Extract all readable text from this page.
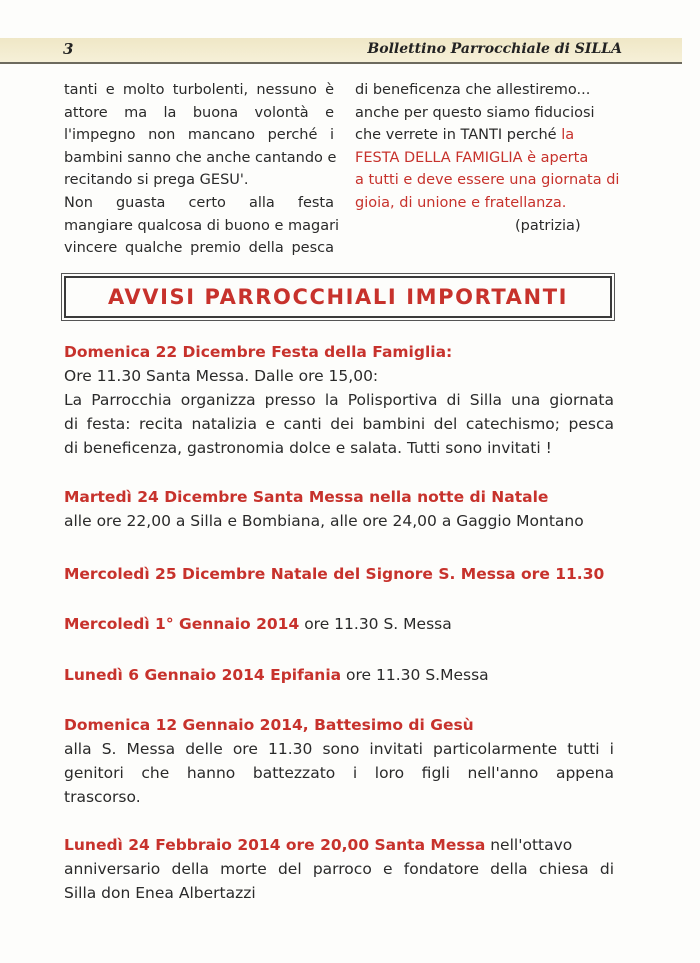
3	Bollettino Parrocchiale di SILLA
tanti e molto turbolenti, nessuno è
attore ma la buona volontà e
l'impegno non mancano perché i
bambini sanno che anche cantando e
recitando si prega GESU'.
Non guasta certo alla festa
mangiare qualcosa di buono e magari
vincere qualche premio della pesca
di beneficenza che allestiremo...
anche per questo siamo fiduciosi
che verrete in TANTI perché la
FESTA DELLA FAMIGLIA è aperta
a tutti e deve essere una giornata di
gioia, di unione e fratellanza.
(patrizia)
AVVISI PARROCCHIALI IMPORTANTI
Domenica 22 Dicembre Festa della Famiglia:
Ore 11.30 Santa Messa. Dalle ore 15,00:
La Parrocchia organizza presso la Polisportiva di Silla una giornata
di festa: recita natalizia e canti dei bambini del catechismo; pesca
di beneficenza, gastronomia dolce e salata. Tutti sono invitati !
Martedì 24 Dicembre Santa Messa nella notte di Natale
alle ore 22,00 a Silla e Bombiana, alle ore 24,00 a Gaggio Montano
Mercoledì 25 Dicembre Natale del Signore S. Messa ore 11.30
Mercoledì 1° Gennaio 2014 ore 11.30 S. Messa
Lunedì 6 Gennaio 2014 Epifania ore 11.30 S.Messa
Domenica 12 Gennaio 2014, Battesimo di Gesù
alla S. Messa delle ore 11.30 sono invitati particolarmente tutti i
genitori che hanno battezzato i loro figli nell'anno appena
trascorso.
Lunedì 24 Febbraio 2014 ore 20,00 Santa Messa nell'ottavo
anniversario della morte del parroco e fondatore della chiesa di
Silla don Enea Albertazzi
